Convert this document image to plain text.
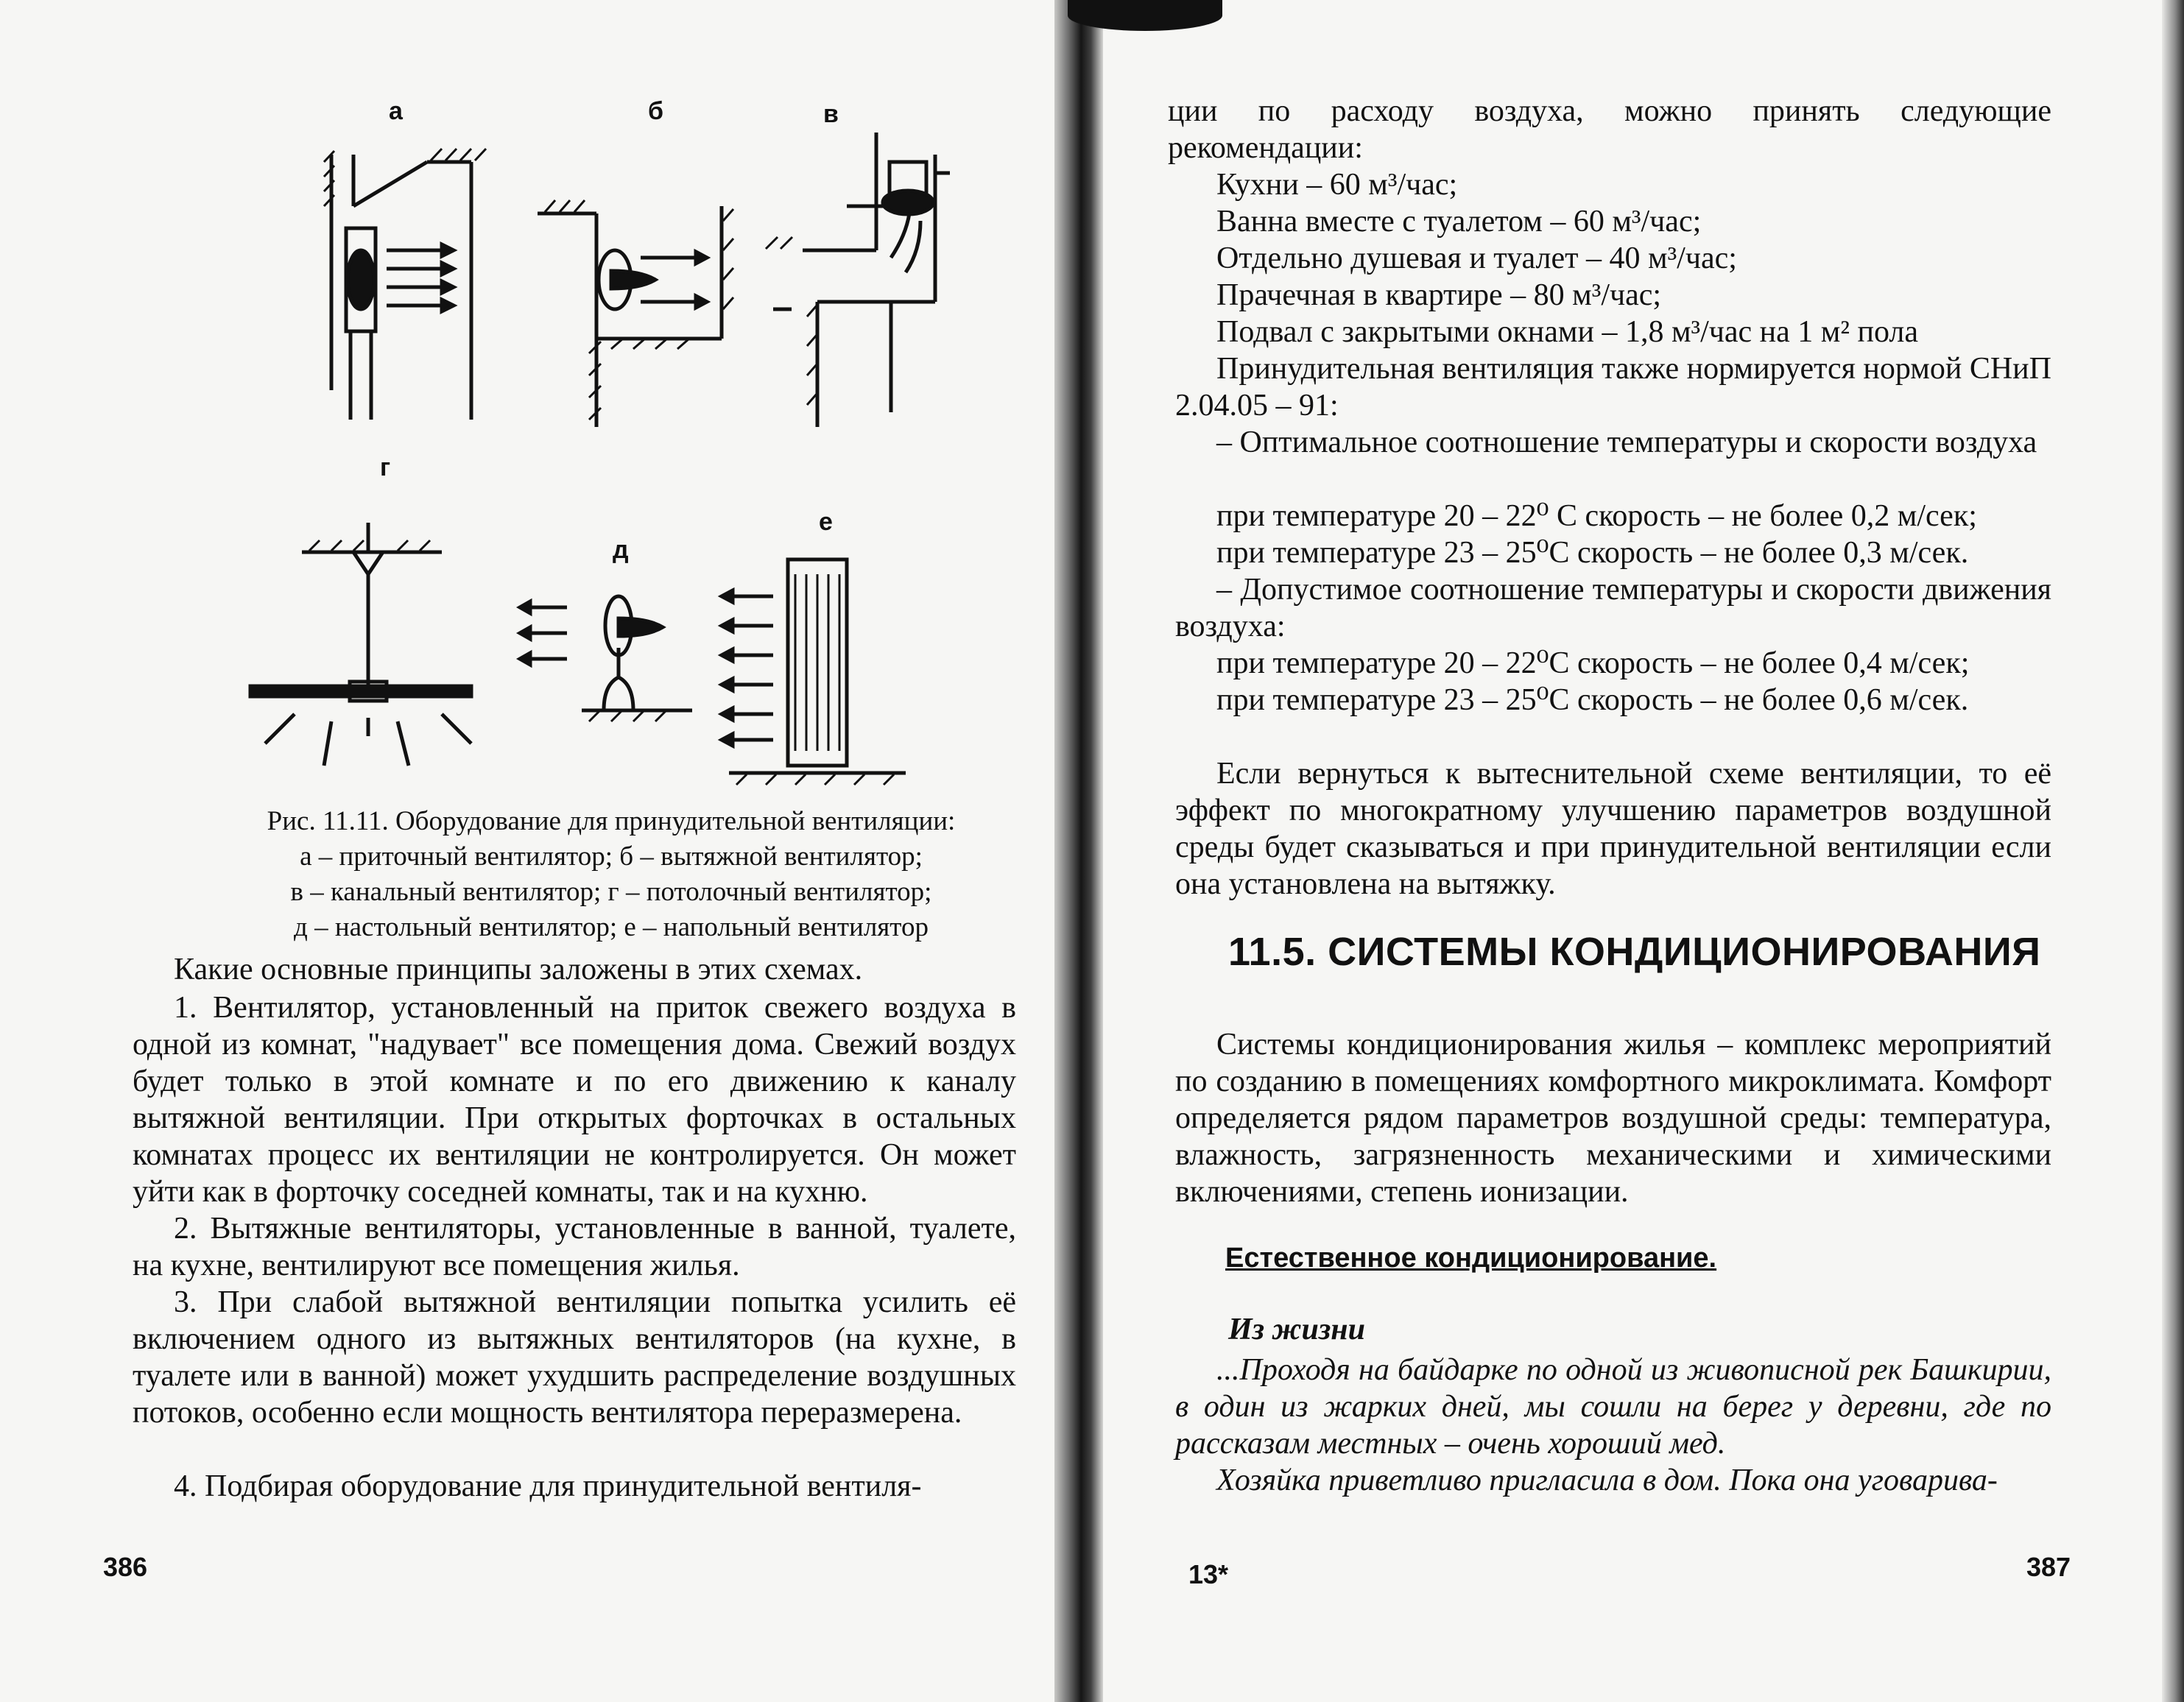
а	б	в
г
д
е
Рис. 11.11. Оборудование для принудительной вентиляции:
а – приточный вентилятор; б – вытяжной вентилятор;
в – канальный вентилятор; г – потолочный вентилятор;
д – настольный вентилятор; е – напольный вентилятор

Какие основные принципы заложены в этих схемах.

1. Вентилятор, установленный на приток свежего воздуха в одной из комнат, "надувает" все помещения дома. Свежий воздух будет только в этой комнате и по его движению к каналу вытяжной вентиляции. При открытых форточках в остальных комнатах процесс их вентиляции не контролируется. Он может уйти как в форточку соседней комнаты, так и на кухню.

2. Вытяжные вентиляторы, установленные в ванной, туалете, на кухне, вентилируют все помещения жилья.

3. При слабой вытяжной вентиляции попытка усилить её включением одного из вытяжных вентиляторов (на кухне, в туалете или в ванной) может ухудшить распределение воздушных потоков, особенно если мощность вентилятора переразмерена.

4. Подбирая оборудование для принудительной вентиля-

386

ции по расходу воздуха, можно принять следующие рекомендации:

Кухни – 60 м³/час;

Ванна вместе с туалетом – 60 м³/час;

Отдельно душевая и туалет – 40 м³/час;

Прачечная в квартире – 80 м³/час;

Подвал с закрытыми окнами – 1,8 м³/час на 1 м² пола

Принудительная вентиляция также нормируется нормой СНиП 2.04.05 – 91:

– Оптимальное соотношение температуры и скорости воздуха

при температуре 20 – 22⁰ С скорость – не более 0,2 м/сек;

при температуре 23 – 25⁰С скорость – не более 0,3 м/сек.

– Допустимое соотношение температуры и скорости движения воздуха:

при температуре 20 – 22⁰С скорость – не более 0,4 м/сек;

при температуре 23 – 25⁰С скорость – не более 0,6 м/сек.

Если вернуться к вытеснительной схеме вентиляции, то её эффект по многократному улучшению параметров воздушной среды будет сказываться и при принудительной вентиляции если она установлена на вытяжку.

11.5. СИСТЕМЫ КОНДИЦИОНИРОВАНИЯ

Системы кондиционирования жилья – комплекс мероприятий по созданию в помещениях комфортного микроклимата. Комфорт определяется рядом параметров воздушной среды: температура, влажность, загрязненность механическими и химическими включениями, степень ионизации.

Естественное кондиционирование.
Из жизни

...Проходя на байдарке по одной из живописной рек Башкирии, в один из жарких дней, мы сошли на берег у деревни, где по рассказам местных – очень хороший мед.

Хозяйка приветливо пригласила в дом. Пока она уговарива-

13*	387
